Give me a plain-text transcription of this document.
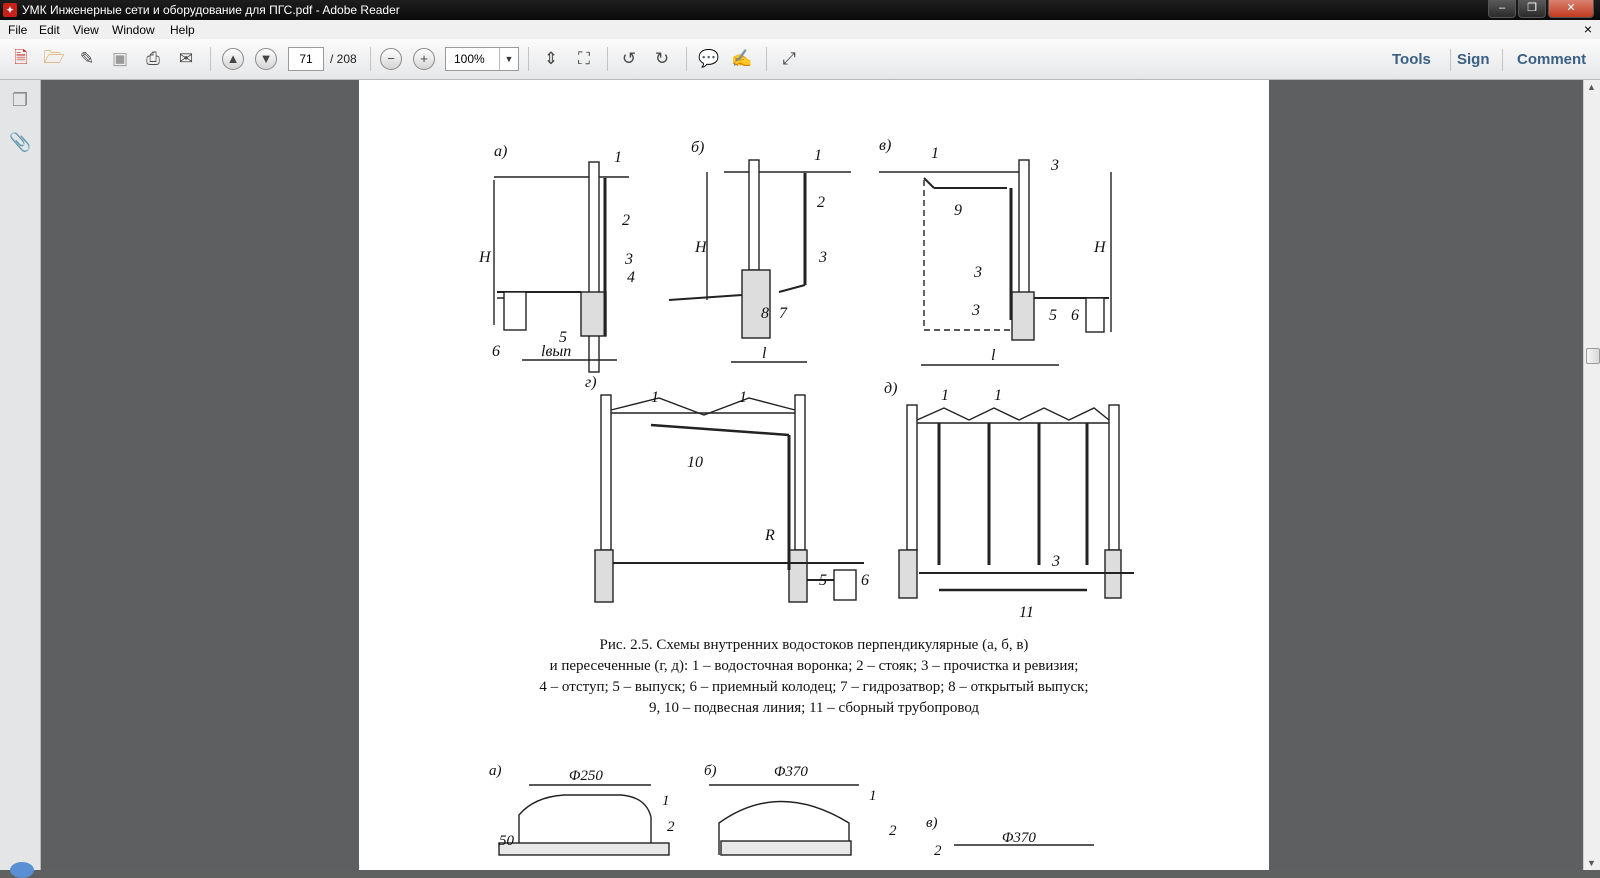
✦ УМК Инженерные сети и оборудование для ПГС.pdf - Adobe Reader	–	❐	✕
File Edit View Window Help	×
🗎 🗁 ✎	▣	⎙	✉	▲	▼	71	/ 208	−	+	100%	▼	⇕	⛶	↺	↻	💬 ✍	⤢	Tools Sign Comment
❐
📎	а)	б)	в)
г)	д)
1
2
3
4
5
6
H
lвып
1
2
3
8 7
H
l
1
3
9
3
3	5 6
H
l
1	1
10
R
5 6
1	1
3
11
Рис. 2.5. Схемы внутренних водостоков перпендикулярные (а, б, в)
и пересеченные (г, д): 1 – водосточная воронка; 2 – стояк; 3 – прочистка и ревизия;
4 – отступ; 5 – выпуск; 6 – приемный колодец; 7 – гидрозатвор; 8 – открытый выпуск;
9, 10 – подвесная линия; 11 – сборный трубопровод
а)	б)
в)
Φ250	Φ370
Φ370
50
1
2
1
2
2
▲
▼
